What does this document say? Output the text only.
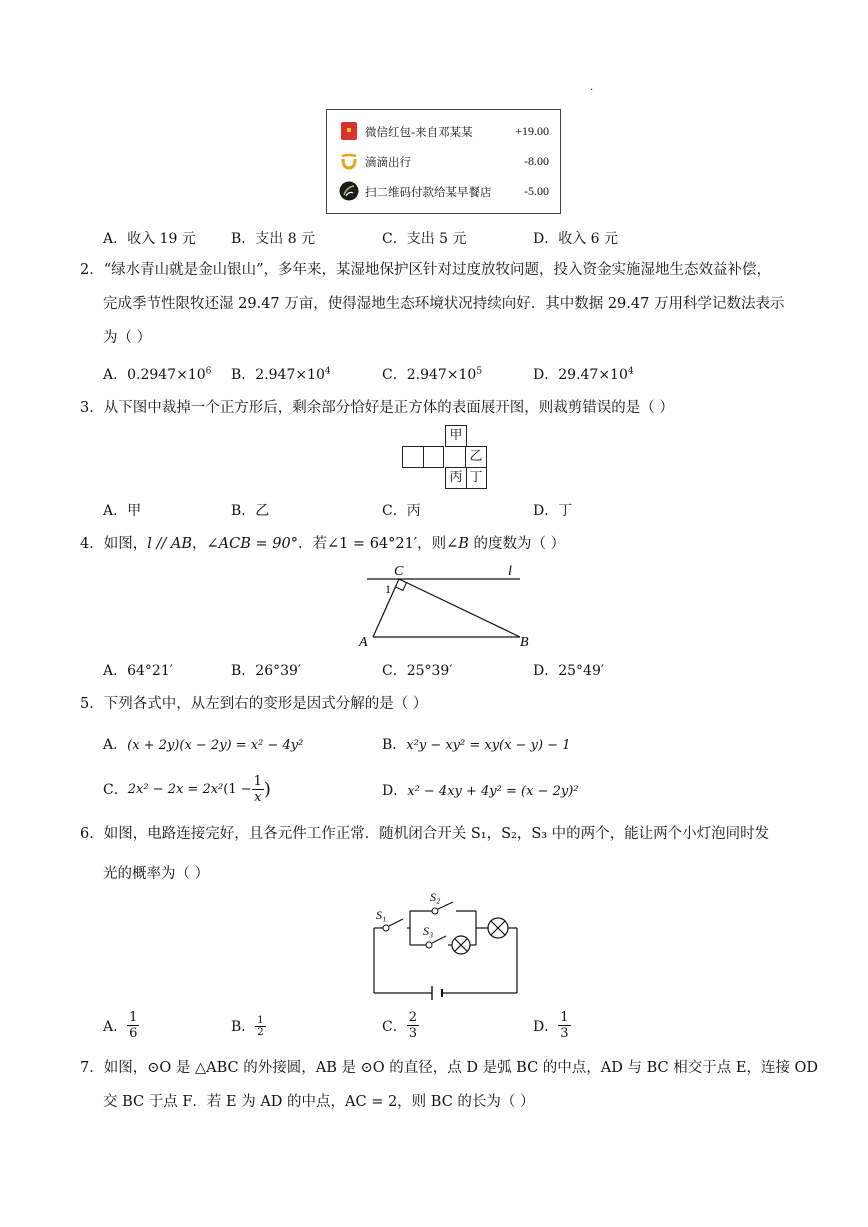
.
微信红包-来自邓某某	+19.00
滴滴出行	-8.00
扫二维码付款给某早餐店	-5.00
A．收入 19 元	B．支出 8 元	C．支出 5 元	D．收入 6 元
2．“绿水青山就是金山银山”，多年来，某湿地保护区针对过度放牧问题，投入资金实施湿地生态效益补偿，
完成季节性限牧还湿 29.47 万亩，使得湿地生态环境状况持续向好．其中数据 29.47 万用科学记数法表示
为（ ）
A．$0.2947\times 10^6$ B．$2.947\times 10^4$	C．$2.947\times 10^5$	D．$29.47\times 10^4$
3．从下图中裁掉一个正方形后，剩余部分恰好是正方体的表面展开图，则裁剪错误的是（ ）
甲
乙
丙 丁
A．甲	B．乙	C．丙	D．丁
4．如图，l // AB，∠ACB = 90°．若∠1 = 64°21′，则∠B 的度数为（ ）
C	l
1
A	B
A．64°21′	B．26°39′	C．25°39′	D．25°49′
5．下列各式中，从左到右的变形是因式分解的是（ ）
A．(x + 2y)(x − 2y) = x² − 4y²	B．x²y − xy² = xy(x − y) − 1
C． 2x² − 2x = 2x² ($1 - \frac{1}{x}$ )	D．x² − 4xy + 4y² = (x − 2y)²
6．如图，电路连接完好，且各元件工作正常．随机闭合开关 S₁，S₂，S₃ 中的两个，能让两个小灯泡同时发
光的概率为（ ）
S₁
S₂
S₃
A． $\frac{1}{6}$	B． $\frac{1}{2}$	C． $\frac{2}{3}$	D． $\frac{1}{3}$
7．如图，⊙O 是 △ABC 的外接圆，AB 是 ⊙O 的直径，点 D 是弧 BC 的中点，AD 与 BC 相交于点 E，连接 OD
交 BC 于点 F．若 E 为 AD 的中点，AC = 2，则 BC 的长为（ ）
